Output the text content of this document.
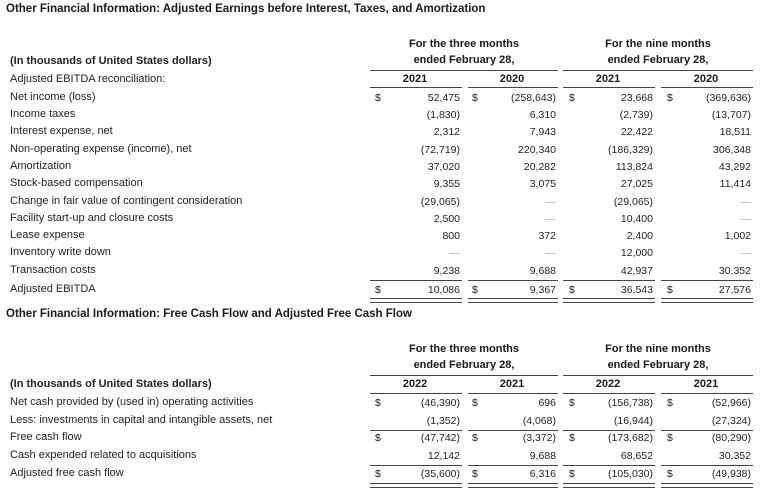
Other Financial Information: Adjusted Earnings before Interest, Taxes, and Amortization
For the three months
ended February 28,
For the nine months
ended February 28,
(In thousands of United States dollars)
Adjusted EBITDA reconciliation:	2021	2020	2021	2020
Net income (loss)	$	52,475 $	(258,643) $	23,668 $	(369,636)
Income taxes	(1,830)	6,310	(2,739)	(13,707)
Interest expense, net	2,312	7,943	22,422	18,511
Non-operating expense (income), net	(72,719)	220,340	(186,329)	306,348
Amortization	37,020	20,282	113,824	43,292
Stock-based compensation	9,355	3,075	27,025	11,414
Change in fair value of contingent consideration	(29,065)	—	(29,065)	—
Facility start-up and closure costs	2,500	—	10,400	—
Lease expense	800	372	2,400	1,002
Inventory write down	—	—	12,000	—
Transaction costs	9,238	9,688	42,937	30,352
Adjusted EBITDA	$	10,086 $	9,367 $	36,543 $	27,576
Other Financial Information: Free Cash Flow and Adjusted Free Cash Flow
For the three months
ended February 28,
For the nine months
ended February 28,
(In thousands of United States dollars)	2022	2021	2022	2021
Net cash provided by (used in) operating activities	$	(46,390) $	696 $	(156,738) $	(52,966)
Less: investments in capital and intangible assets, net	(1,352)	(4,068)	(16,944)	(27,324)
Free cash flow	$	(47,742) $	(3,372) $	(173,682) $	(80,290)
Cash expended related to acquisitions	12,142	9,688	68,652	30,352
Adjusted free cash flow	$	(35,600) $	6,316 $	(105,030) $	(49,938)
